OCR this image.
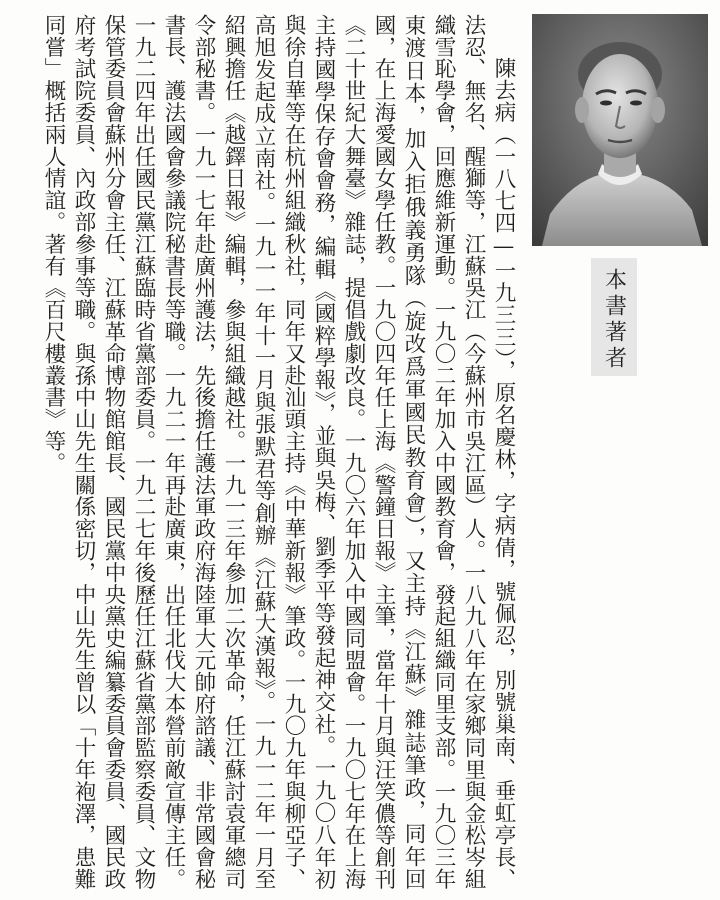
本書著者

陳去病（一八七四—一九三三），原名慶林，字病倩，號佩忍，別號巢南、垂虹亭長、法忍、無名、醒獅等，江蘇吳江（今蘇州市吳江區）人。一八九八年在家鄉同里與金松岑組織雪恥學會，回應維新運動。一九〇二年加入中國教育會，發起組織同里支部。一九〇三年東渡日本，加入拒俄義勇隊（旋改爲軍國民教育會），又主持《江蘇》雜誌筆政，同年回國，在上海愛國女學任教。一九〇四年任上海《警鐘日報》主筆，當年十月與汪笑儂等創刊《二十世紀大舞臺》雜誌，提倡戲劇改良。一九〇六年加入中國同盟會。一九〇七年在上海主持國學保存會會務，編輯《國粹學報》，並與吳梅、劉季平等發起神交社。一九〇八年初與徐自華等在杭州組織秋社，同年又赴汕頭主持《中華新報》筆政。一九〇九年與柳亞子、高旭发起成立南社。一九一一年十一月與張默君等創辦《江蘇大漢報》。一九一二年一月至紹興擔任《越鐸日報》編輯，參與組織越社。一九一三年參加二次革命，任江蘇討袁軍總司令部秘書。一九一七年赴廣州護法，先後擔任護法軍政府海陸軍大元帥府諮議、非常國會秘書長、護法國會參議院秘書長等職。一九二一年再赴廣東，出任北伐大本營前敵宣傳主任。一九二四年出任國民黨江蘇臨時省黨部委員。一九二七年後歷任江蘇省黨部監察委員、文物保管委員會蘇州分會主任、江蘇革命博物館館長、國民黨中央黨史編纂委員會委員、國民政府考試院委員、內政部參事等職。與孫中山先生關係密切，中山先生曾以「十年袍澤，患難同嘗」概括兩人情誼。著有《百尺樓叢書》等。
